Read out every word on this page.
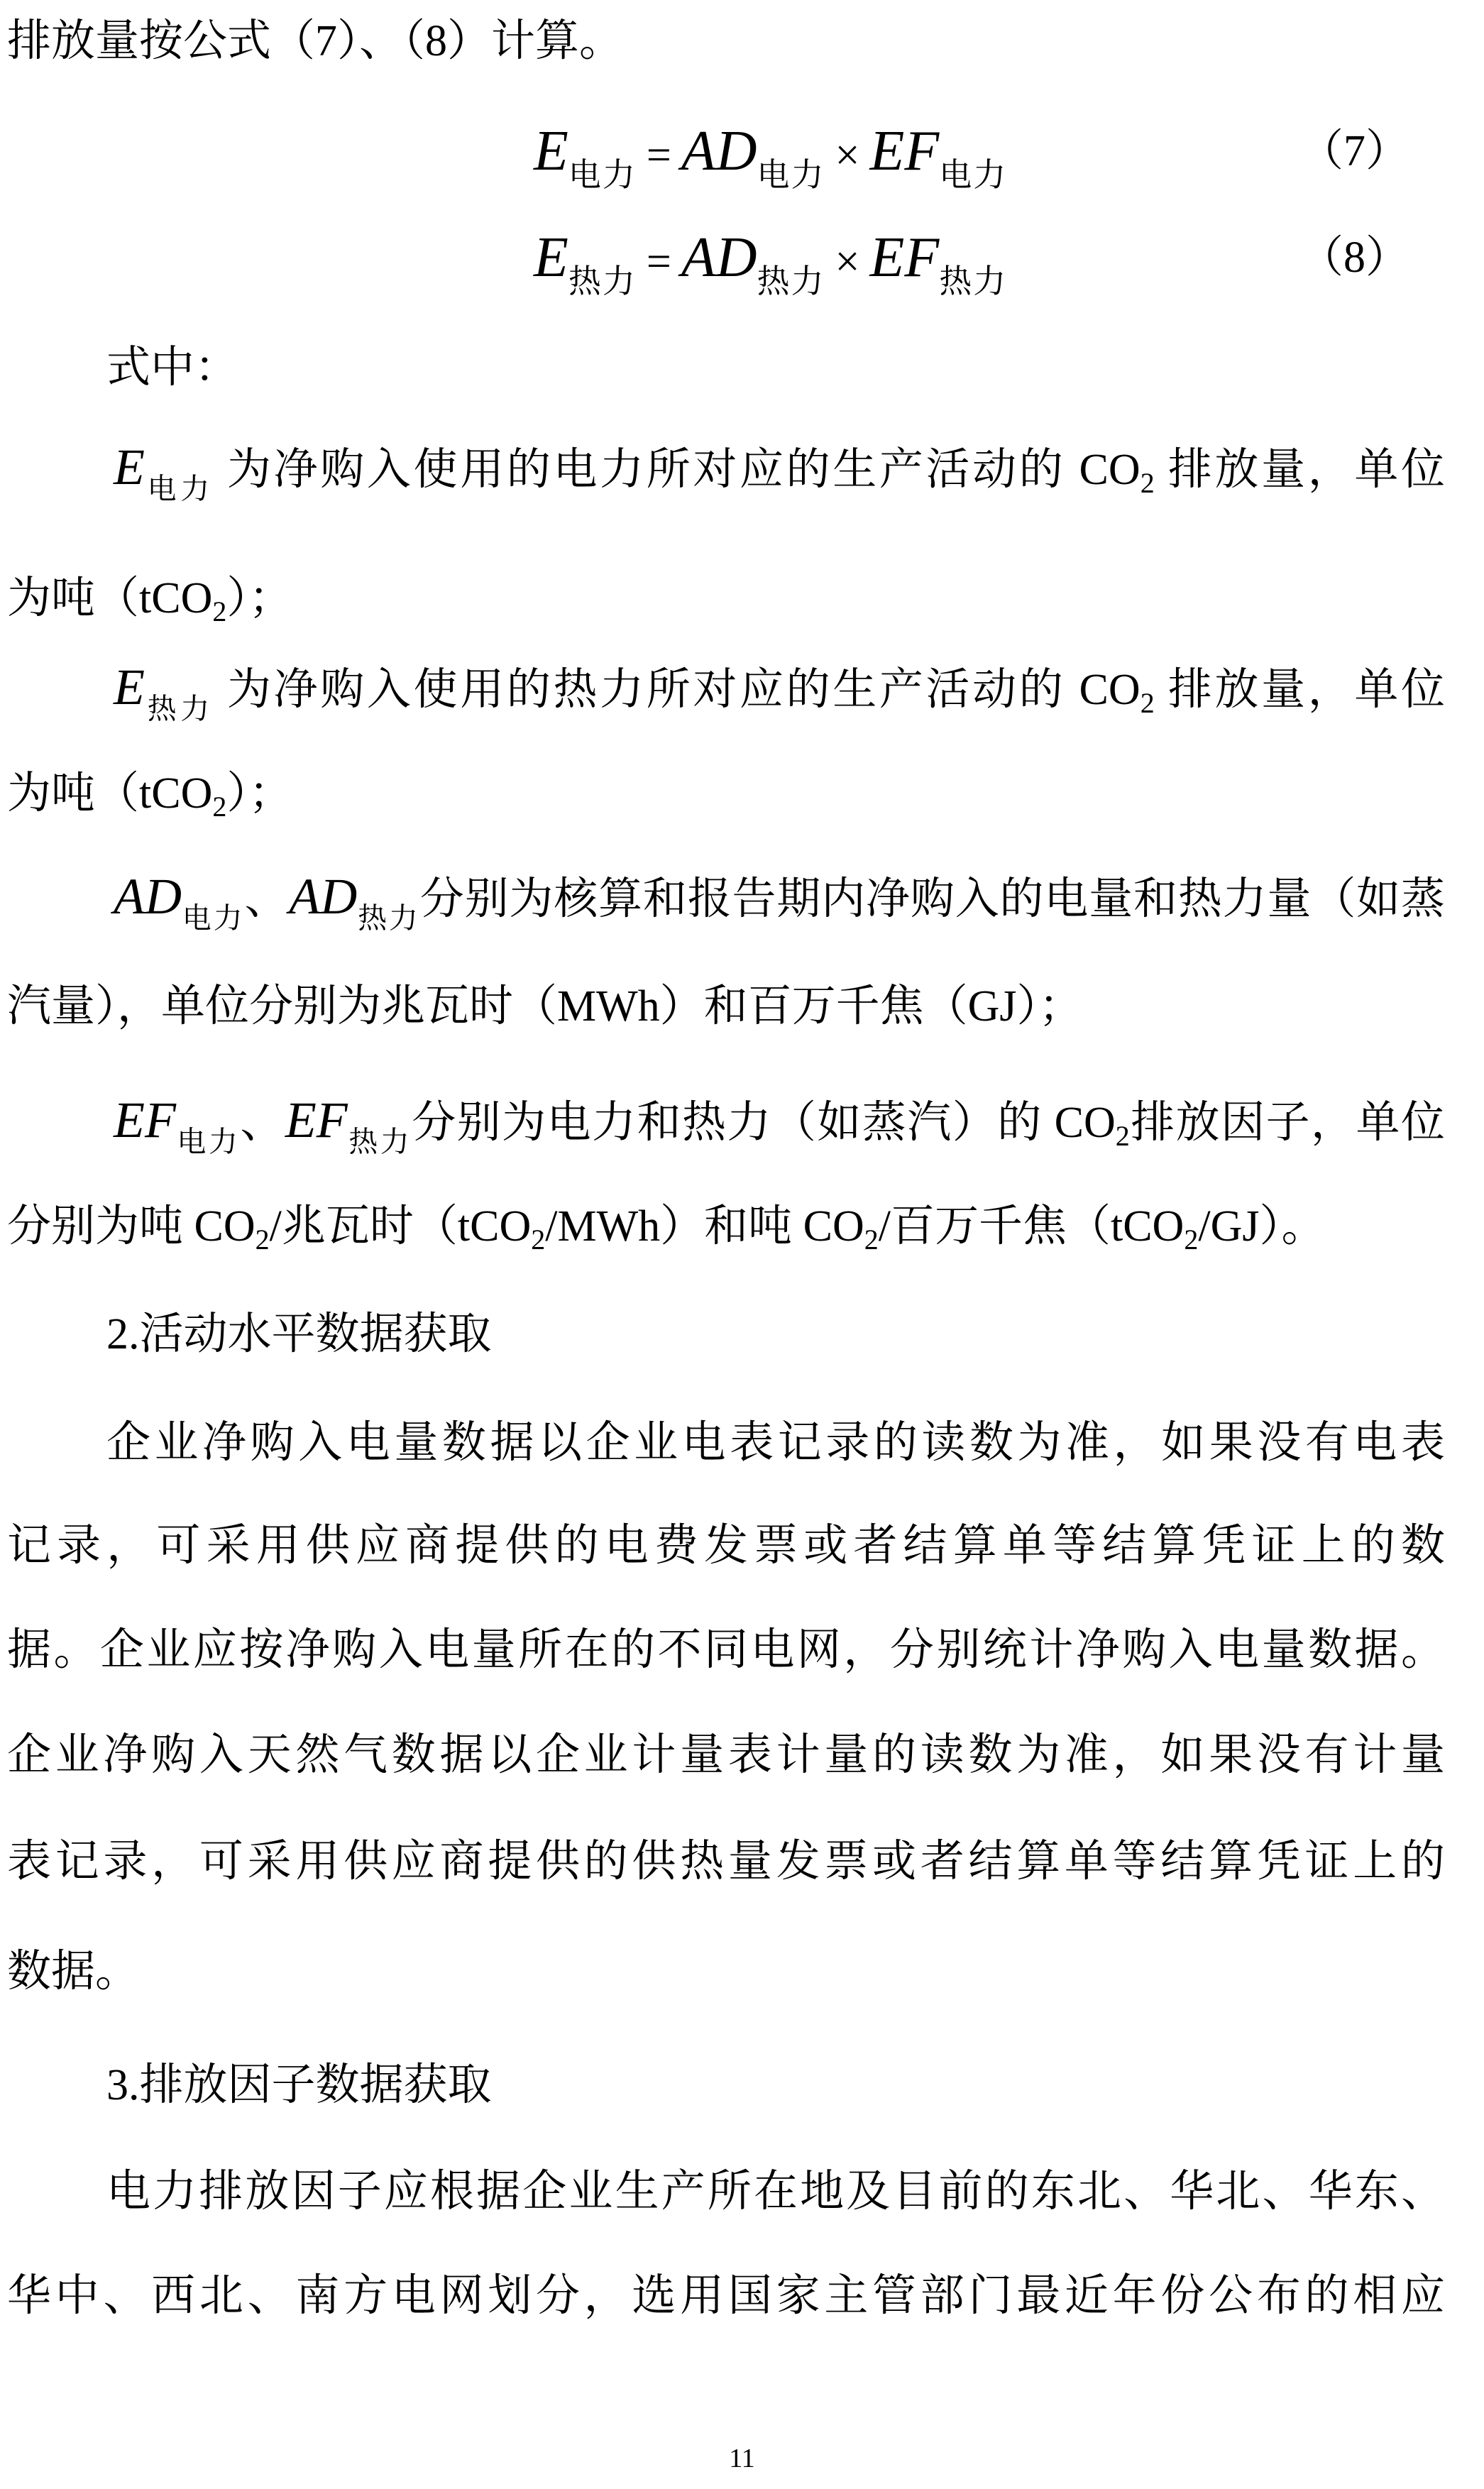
排放量按公式（7）、（8）计算。
E电力 = AD电力 × EF电力	（7）
E热力 = AD热力 × EF热力	（8）
式中：
$E_{电力}$ 为净购入使用的电力所对应的生产活动的 CO2 排放量，单位
为吨（tCO2）；
$E_{热力}$ 为净购入使用的热力所对应的生产活动的 CO2 排放量，单位
为吨（tCO2）；
$AD_{电力}$、$AD_{热力}$分别为核算和报告期内净购入的电量和热力量（如蒸
汽量），单位分别为兆瓦时（MWh）和百万千焦（GJ）；
$EF_{电力}$、$EF_{热力}$分别为电力和热力（如蒸汽）的 CO2排放因子，单位
分别为吨 CO2/兆瓦时（tCO2/MWh）和吨 CO2/百万千焦（tCO2/GJ）。
2.活动水平数据获取
企业净购入电量数据以企业电表记录的读数为准，如果没有电表
记录，可采用供应商提供的电费发票或者结算单等结算凭证上的数
据。企业应按净购入电量所在的不同电网，分别统计净购入电量数据。
企业净购入天然气数据以企业计量表计量的读数为准，如果没有计量
表记录，可采用供应商提供的供热量发票或者结算单等结算凭证上的
数据。
3.排放因子数据获取
电力排放因子应根据企业生产所在地及目前的东北、华北、华东、
华中、西北、南方电网划分，选用国家主管部门最近年份公布的相应
11
